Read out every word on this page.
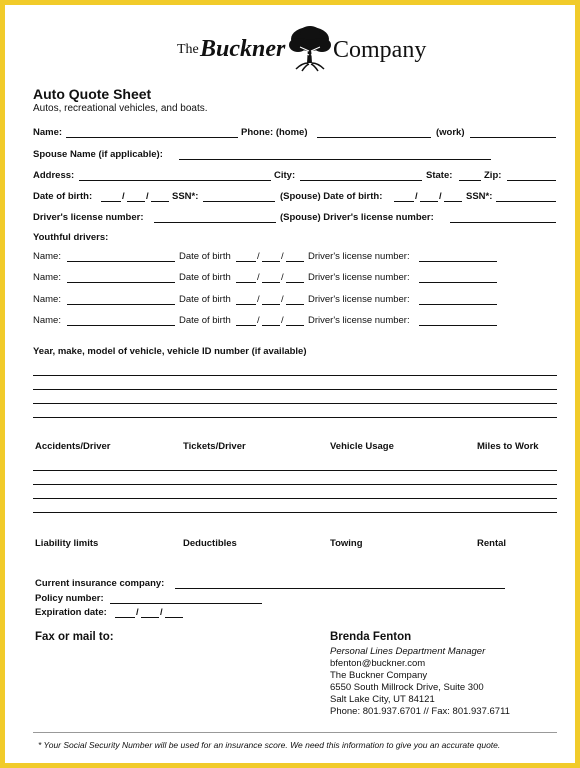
The Buckner Company
Auto Quote Sheet
Autos, recreational vehicles, and boats.
Name:	Phone: (home)	(work)
Spouse Name (if applicable):
Address:	City:	State:	Zip:
Date of birth:	/ / SSN*:	(Spouse) Date of birth:	/ /	SSN*:
Driver's license number:	(Spouse) Driver's license number:
Youthful drivers:
Name:	Date of birth	/ /	Driver's license number:
Name:	Date of birth	/ /	Driver's license number:
Name:	Date of birth	/ /	Driver's license number:
Name:	Date of birth	/ /	Driver's license number:
Year, make, model of vehicle, vehicle ID number (if available)
Accidents/Driver	Tickets/Driver	Vehicle Usage	Miles to Work
Liability limits	Deductibles	Towing	Rental
Current insurance company:
Policy number:
Expiration date:	/ /
Fax or mail to:	Brenda Fenton
Personal Lines Department Manager
bfenton@buckner.com
The Buckner Company
6550 South Millrock Drive, Suite 300
Salt Lake City, UT 84121
Phone: 801.937.6701 // Fax: 801.937.6711
* Your Social Security Number will be used for an insurance score. We need this information to give you an accurate quote.
